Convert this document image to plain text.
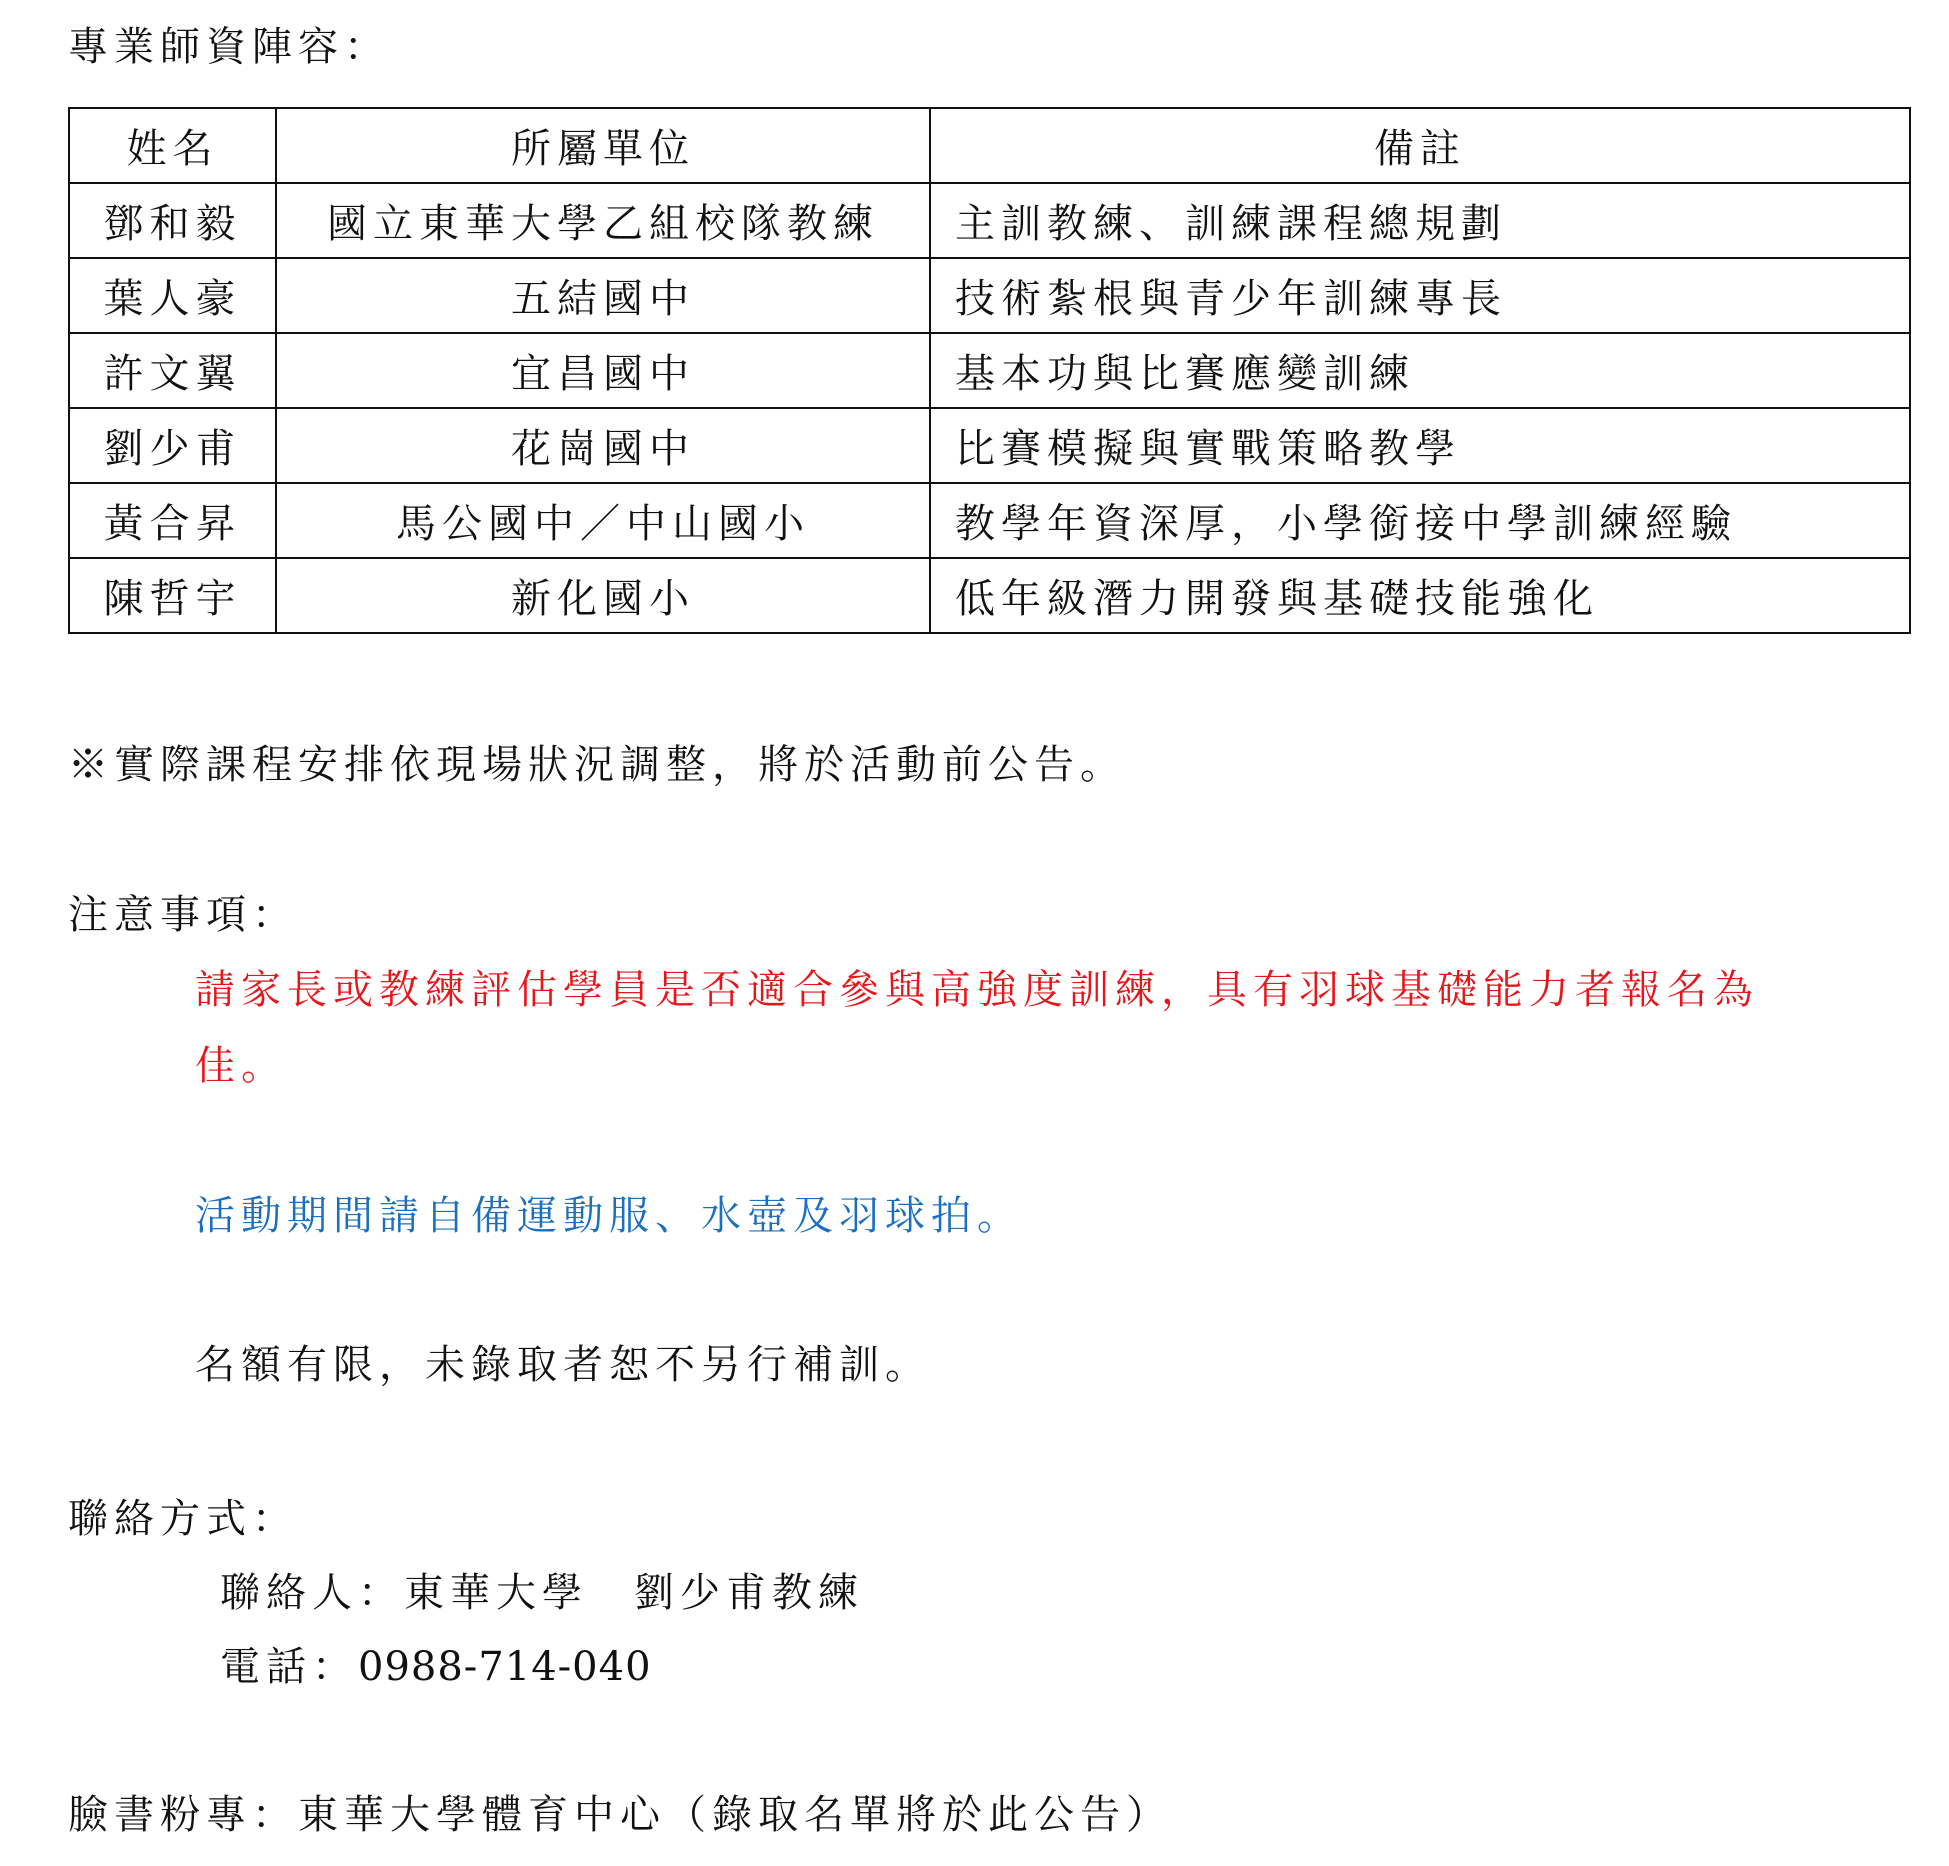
專業師資陣容：
姓名	所屬單位	備註
鄧和毅	國立東華大學乙組校隊教練	主訓教練、訓練課程總規劃
葉人豪	五結國中	技術紮根與青少年訓練專長
許文翼	宜昌國中	基本功與比賽應變訓練
劉少甫	花崗國中	比賽模擬與實戰策略教學
黃合昇	馬公國中／中山國小	教學年資深厚，小學銜接中學訓練經驗
陳哲宇	新化國小	低年級潛力開發與基礎技能強化
※實際課程安排依現場狀況調整，將於活動前公告。
注意事項：
請家長或教練評估學員是否適合參與高強度訓練，具有羽球基礎能力者報名為佳。
活動期間請自備運動服、水壺及羽球拍。
名額有限，未錄取者恕不另行補訓。
聯絡方式：
聯絡人：東華大學　劉少甫教練
電話：0988-714-040
臉書粉專：東華大學體育中心（錄取名單將於此公告）
